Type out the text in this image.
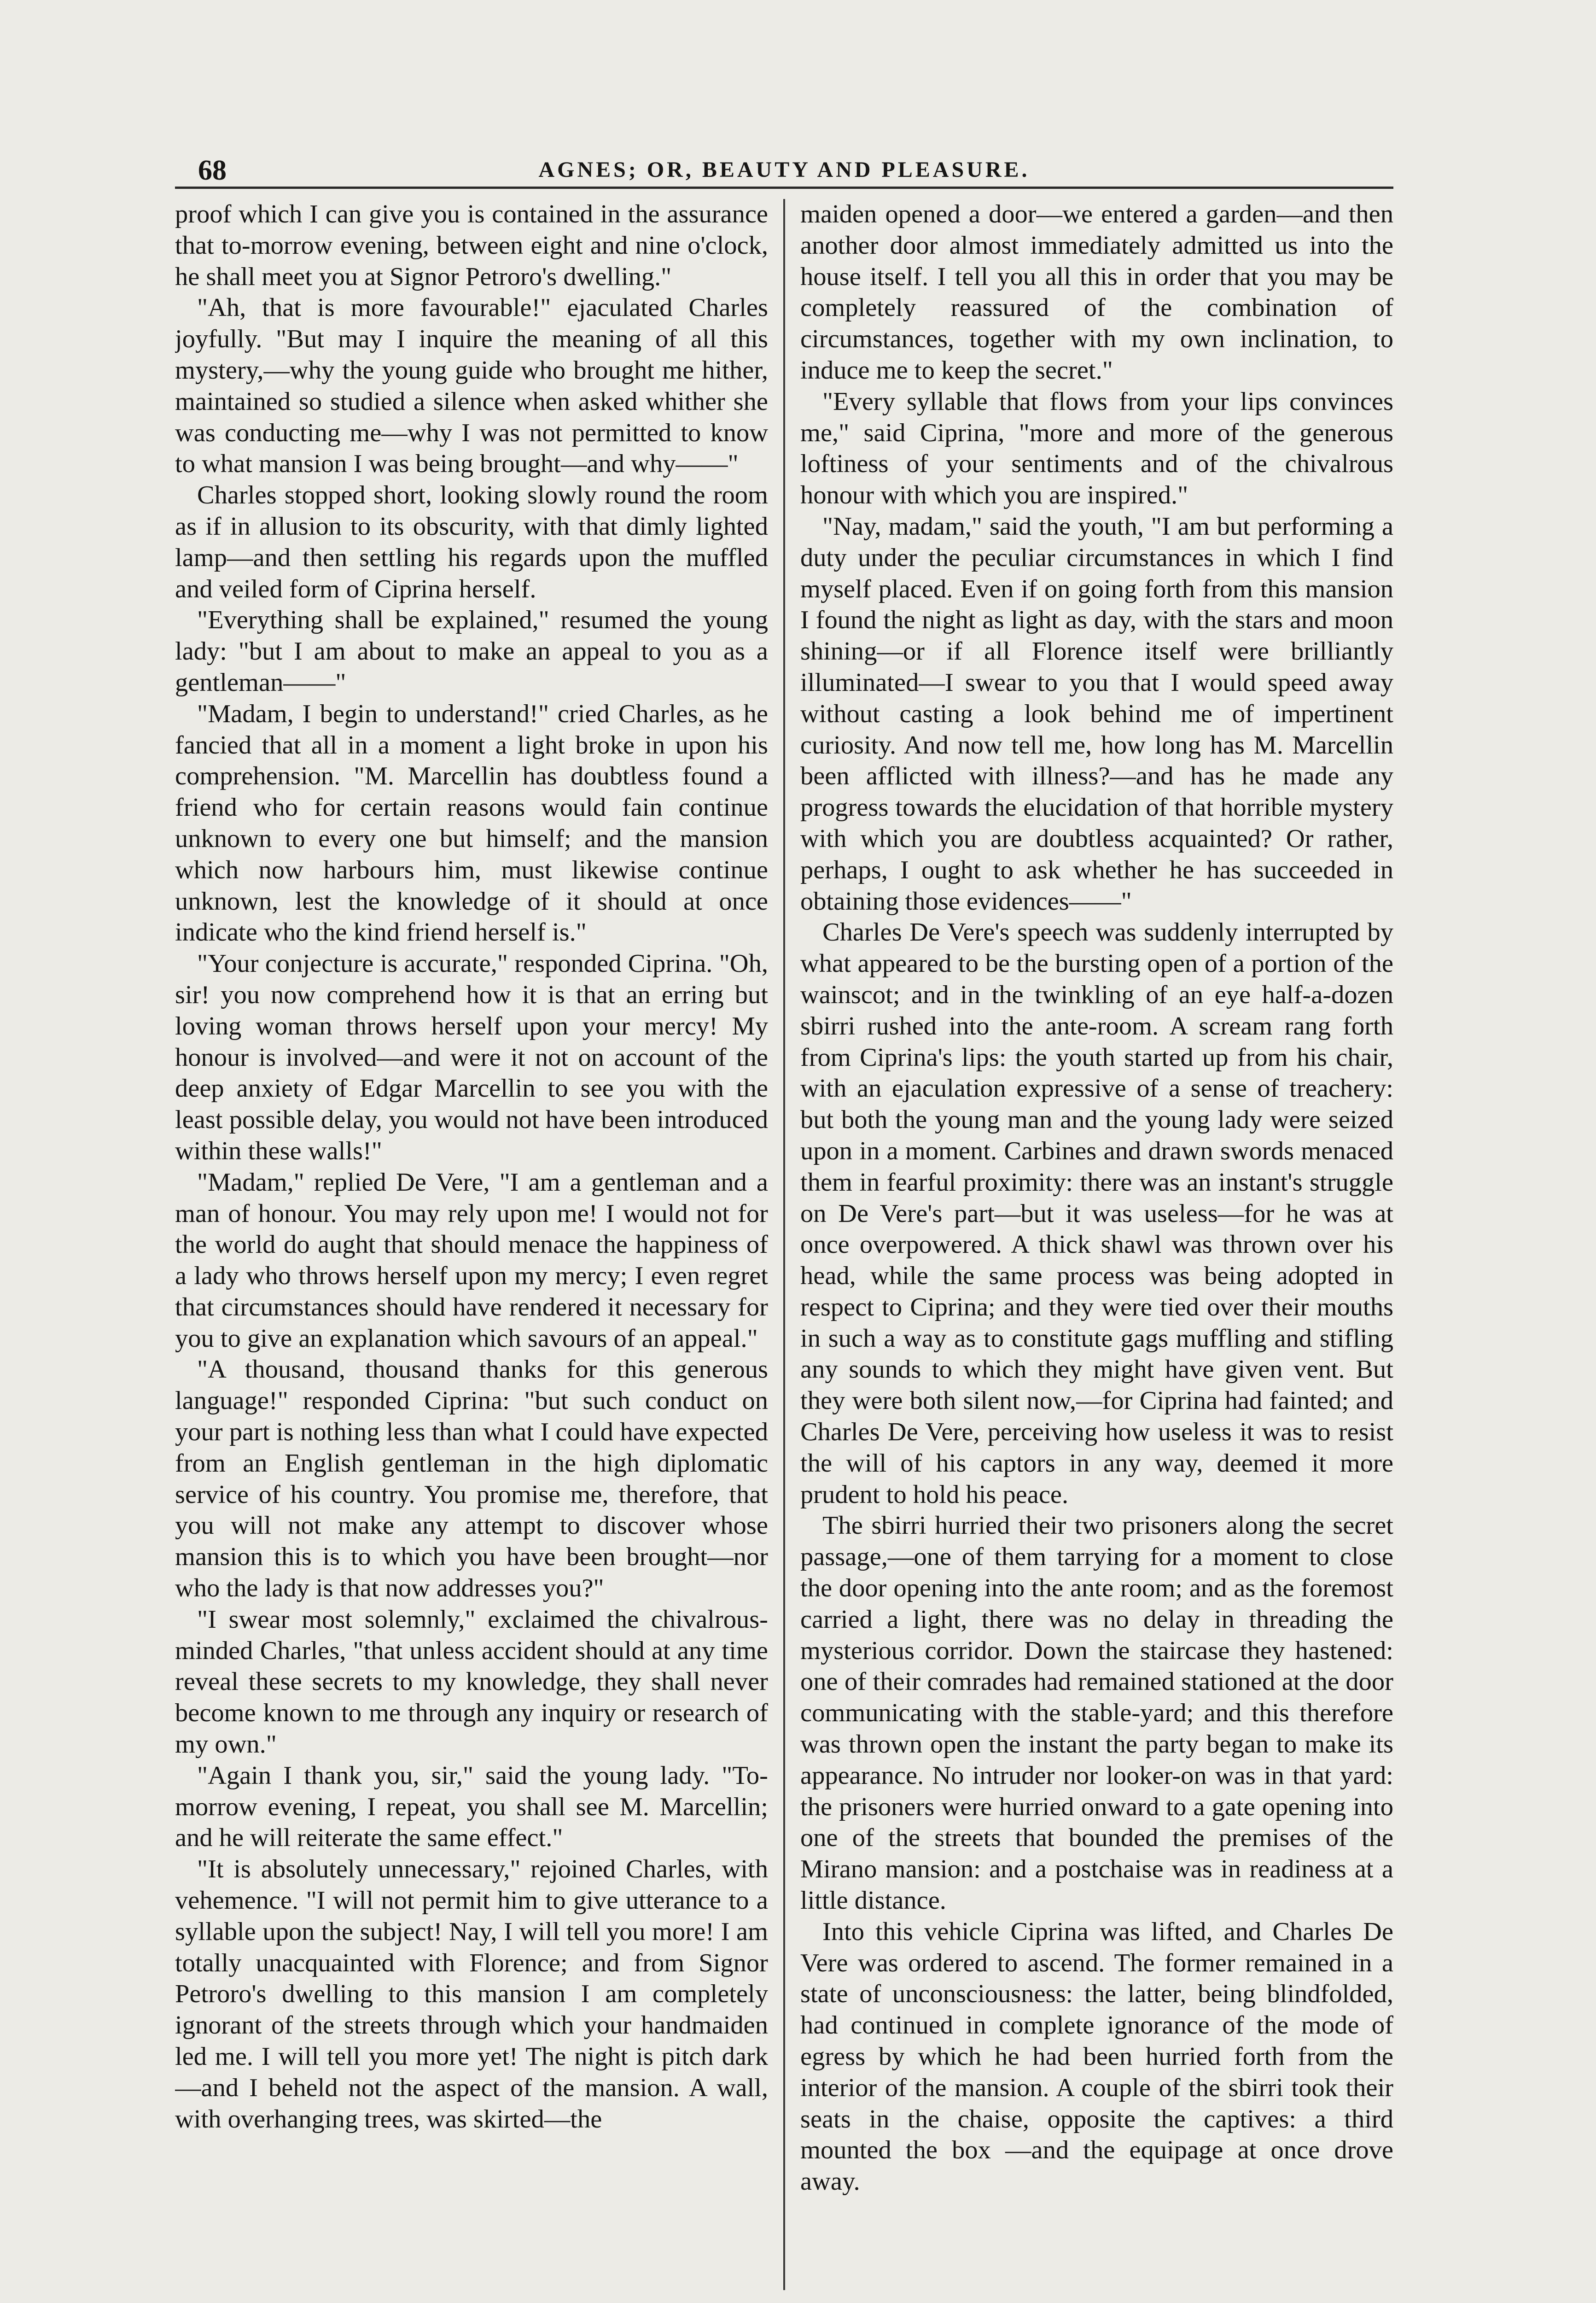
68	AGNES; OR, BEAUTY AND PLEASURE.

proof which I can give you is contained in the assurance that to-morrow evening, between eight and nine o'clock, he shall meet you at Signor Petroro's dwelling."

"Ah, that is more favourable!" ejaculated Charles joyfully. "But may I inquire the meaning of all this mystery,—why the young guide who brought me hither, maintained so studied a silence when asked whither she was conducting me—why I was not permitted to know to what mansion I was being brought—and why——"

Charles stopped short, looking slowly round the room as if in allusion to its obscurity, with that dimly lighted lamp—and then settling his regards upon the muffled and veiled form of Ciprina herself.

"Everything shall be explained," resumed the young lady: "but I am about to make an appeal to you as a gentleman——"

"Madam, I begin to understand!" cried Charles, as he fancied that all in a moment a light broke in upon his comprehension. "M. Marcellin has doubtless found a friend who for certain reasons would fain continue unknown to every one but himself; and the mansion which now harbours him, must likewise continue unknown, lest the knowledge of it should at once indicate who the kind friend herself is."

"Your conjecture is accurate," responded Ciprina. "Oh, sir! you now comprehend how it is that an erring but loving woman throws herself upon your mercy! My honour is involved—and were it not on account of the deep anxiety of Edgar Marcellin to see you with the least possible delay, you would not have been introduced within these walls!"

"Madam," replied De Vere, "I am a gentleman and a man of honour. You may rely upon me! I would not for the world do aught that should menace the happiness of a lady who throws herself upon my mercy; I even regret that circumstances should have rendered it necessary for you to give an explanation which savours of an appeal."

"A thousand, thousand thanks for this generous language!" responded Ciprina: "but such conduct on your part is nothing less than what I could have expected from an English gentleman in the high diplomatic service of his country. You promise me, therefore, that you will not make any attempt to discover whose mansion this is to which you have been brought—nor who the lady is that now addresses you?"

"I swear most solemnly," exclaimed the chivalrous-minded Charles, "that unless accident should at any time reveal these secrets to my knowledge, they shall never become known to me through any inquiry or research of my own."

"Again I thank you, sir," said the young lady. "To-morrow evening, I repeat, you shall see M. Marcellin; and he will reiterate the same effect."

"It is absolutely unnecessary," rejoined Charles, with vehemence. "I will not permit him to give utterance to a syllable upon the subject! Nay, I will tell you more! I am totally unacquainted with Florence; and from Signor Petroro's dwelling to this mansion I am completely ignorant of the streets through which your handmaiden led me. I will tell you more yet! The night is pitch dark—and I beheld not the aspect of the mansion. A wall, with overhanging trees, was skirted—the

maiden opened a door—we entered a garden—and then another door almost immediately admitted us into the house itself. I tell you all this in order that you may be completely reassured of the combination of circumstances, together with my own inclination, to induce me to keep the secret."

"Every syllable that flows from your lips convinces me," said Ciprina, "more and more of the generous loftiness of your sentiments and of the chivalrous honour with which you are inspired."

"Nay, madam," said the youth, "I am but performing a duty under the peculiar circumstances in which I find myself placed. Even if on going forth from this mansion I found the night as light as day, with the stars and moon shining—or if all Florence itself were brilliantly illuminated—I swear to you that I would speed away without casting a look behind me of impertinent curiosity. And now tell me, how long has M. Marcellin been afflicted with illness?—and has he made any progress towards the elucidation of that horrible mystery with which you are doubtless acquainted? Or rather, perhaps, I ought to ask whether he has succeeded in obtaining those evidences——"

Charles De Vere's speech was suddenly interrupted by what appeared to be the bursting open of a portion of the wainscot; and in the twinkling of an eye half-a-dozen sbirri rushed into the ante-room. A scream rang forth from Ciprina's lips: the youth started up from his chair, with an ejaculation expressive of a sense of treachery: but both the young man and the young lady were seized upon in a moment. Carbines and drawn swords menaced them in fearful proximity: there was an instant's struggle on De Vere's part—but it was useless—for he was at once overpowered. A thick shawl was thrown over his head, while the same process was being adopted in respect to Ciprina; and they were tied over their mouths in such a way as to constitute gags muffling and stifling any sounds to which they might have given vent. But they were both silent now,—for Ciprina had fainted; and Charles De Vere, perceiving how useless it was to resist the will of his captors in any way, deemed it more prudent to hold his peace.

The sbirri hurried their two prisoners along the secret passage,—one of them tarrying for a moment to close the door opening into the ante room; and as the foremost carried a light, there was no delay in threading the mysterious corridor. Down the staircase they hastened: one of their comrades had remained stationed at the door communicating with the stable-yard; and this therefore was thrown open the instant the party began to make its appearance. No intruder nor looker-on was in that yard: the prisoners were hurried onward to a gate opening into one of the streets that bounded the premises of the Mirano mansion: and a postchaise was in readiness at a little distance.

Into this vehicle Ciprina was lifted, and Charles De Vere was ordered to ascend. The former remained in a state of unconsciousness: the latter, being blindfolded, had continued in complete ignorance of the mode of egress by which he had been hurried forth from the interior of the mansion. A couple of the sbirri took their seats in the chaise, opposite the captives: a third mounted the box —and the equipage at once drove away.
